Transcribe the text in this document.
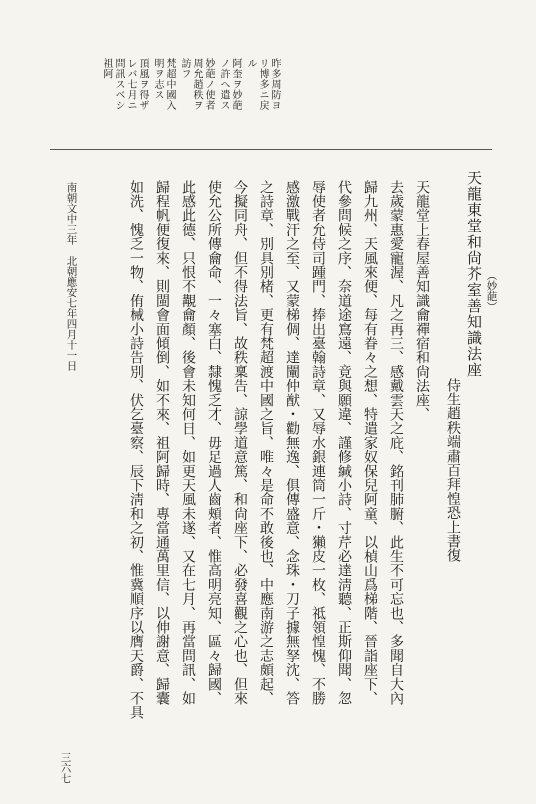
昨多周防ヨ
リ博多ニ戻
ル
阿奎ヲ妙葩
ノ許へ遣ス
妙葩ノ使者
周允趙秩ヲ
訪フ
梵超中國入
明ヲ志ス
頂風ヲ得ザ
レバ七月ニ
問訊スベシ
祖阿
天龍東堂和尙芥室善知識法座 （妙葩）
侍生趙秩端肅百拜惶恐上書復
天龍堂上春屋善知識龠禪宿和尙法座、
去歲蒙惠愛寵渥、凡之再三、感戴雲天之庇、銘刊肺腑、此生不可忘也、多聞自大內
歸九州、天風來便、每有眷々之想、特遣家奴保兒阿童、以楨山爲梯階、晉詣座下、
代參問候之序、奈道途窵遠、竟與願違、謹修緘小詩、寸芹必達淸聽、正斯仰聞、忽
辱使者允侍司踵門、捧出臺翰詩章、又辱水銀連筒一斤・獺皮一枚、祗領惶愧、不勝
感激戰汗之至、又蒙梯倜、達闡仲猷・勸無逸、俱傳盛意、念珠・刀子據無孥沈、答
之詩章、別具別楮、更有梵超渡中國之旨、唯々是命不敢後也、中應南游之志頗起、
今擬同舟、但不得法旨、故秩稟告、諒學道意篤、和尙座下、必發喜觀之心也、但來
使允公所傳龠命、一々塞白、隸愧乏才、毋足過人齒頰者、惟高明亮知、區々歸國、
此感此德、只恨不覯龠顏、後會未知何日、如更天風未遂、又在七月、再當問訊、如
歸程帆便復來、則閩會面傾倒、如不來、祖阿歸時、專當通萬里信、以伸謝意、歸囊
如洗、愧乏一物、侑械小詩告別、伏乞臺察、辰下淸和之初、惟冀順序以膺天爵、不具
南朝文中三年　北朝應安七年四月十一日
三六七
